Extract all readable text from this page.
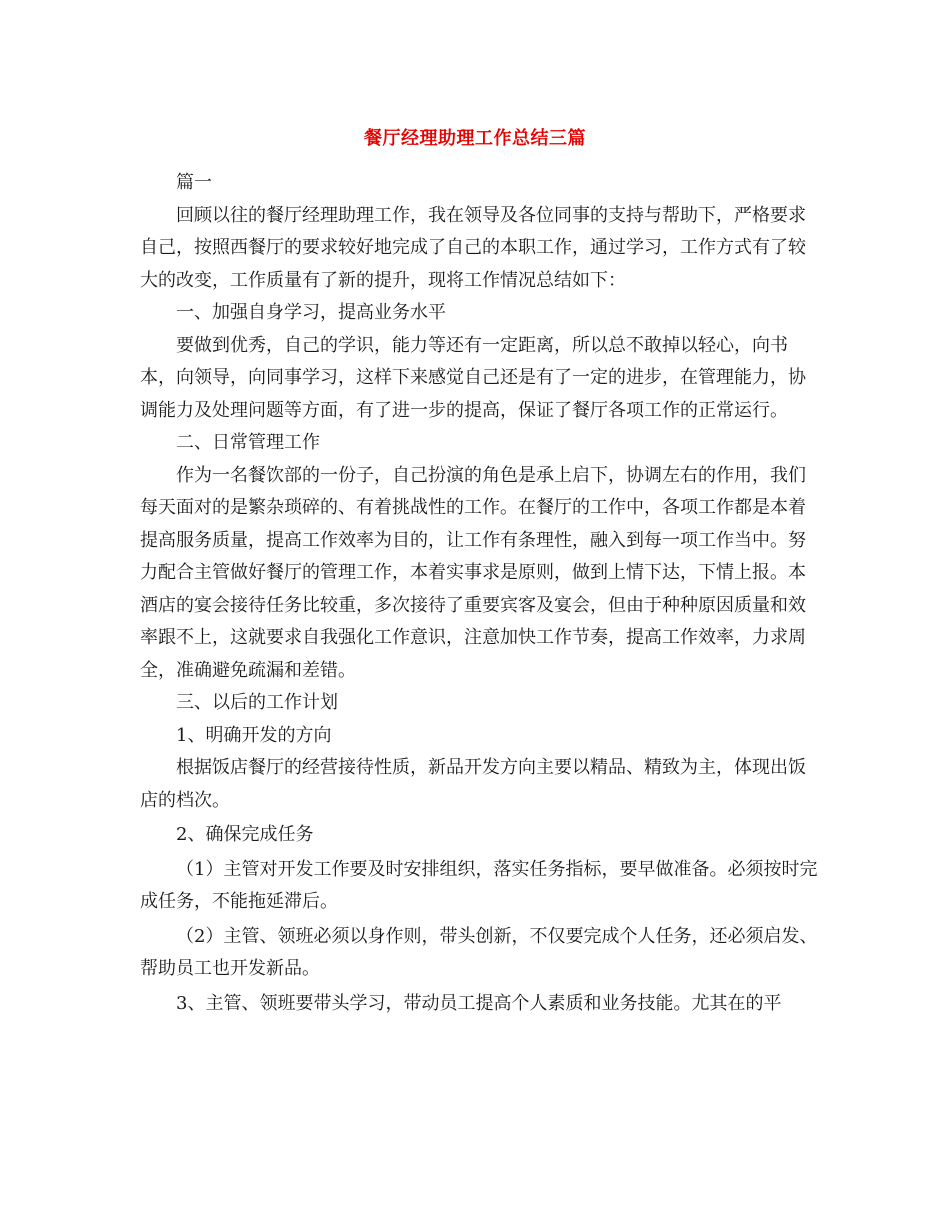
餐厅经理助理工作总结三篇

篇一

回顾以往的餐厅经理助理工作，我在领导及各位同事的支持与帮助下，严格要求自己，按照西餐厅的要求较好地完成了自己的本职工作，通过学习，工作方式有了较大的改变，工作质量有了新的提升，现将工作情况总结如下：

一、加强自身学习，提高业务水平

要做到优秀，自己的学识，能力等还有一定距离，所以总不敢掉以轻心，向书本，向领导，向同事学习，这样下来感觉自己还是有了一定的进步，在管理能力，协调能力及处理问题等方面，有了进一步的提高，保证了餐厅各项工作的正常运行。

二、日常管理工作

作为一名餐饮部的一份子，自己扮演的角色是承上启下，协调左右的作用，我们每天面对的是繁杂琐碎的、有着挑战性的工作。在餐厅的工作中，各项工作都是本着提高服务质量，提高工作效率为目的，让工作有条理性，融入到每一项工作当中。努力配合主管做好餐厅的管理工作，本着实事求是原则，做到上情下达，下情上报。本酒店的宴会接待任务比较重，多次接待了重要宾客及宴会，但由于种种原因质量和效率跟不上，这就要求自我强化工作意识，注意加快工作节奏，提高工作效率，力求周全，准确避免疏漏和差错。

三、以后的工作计划

1、明确开发的方向

根据饭店餐厅的经营接待性质，新品开发方向主要以精品、精致为主，体现出饭店的档次。

2、确保完成任务

（1）主管对开发工作要及时安排组织，落实任务指标，要早做准备。必须按时完成任务，不能拖延滞后。

（2）主管、领班必须以身作则，带头创新，不仅要完成个人任务，还必须启发、帮助员工也开发新品。

3、主管、领班要带头学习，带动员工提高个人素质和业务技能。尤其在的平
